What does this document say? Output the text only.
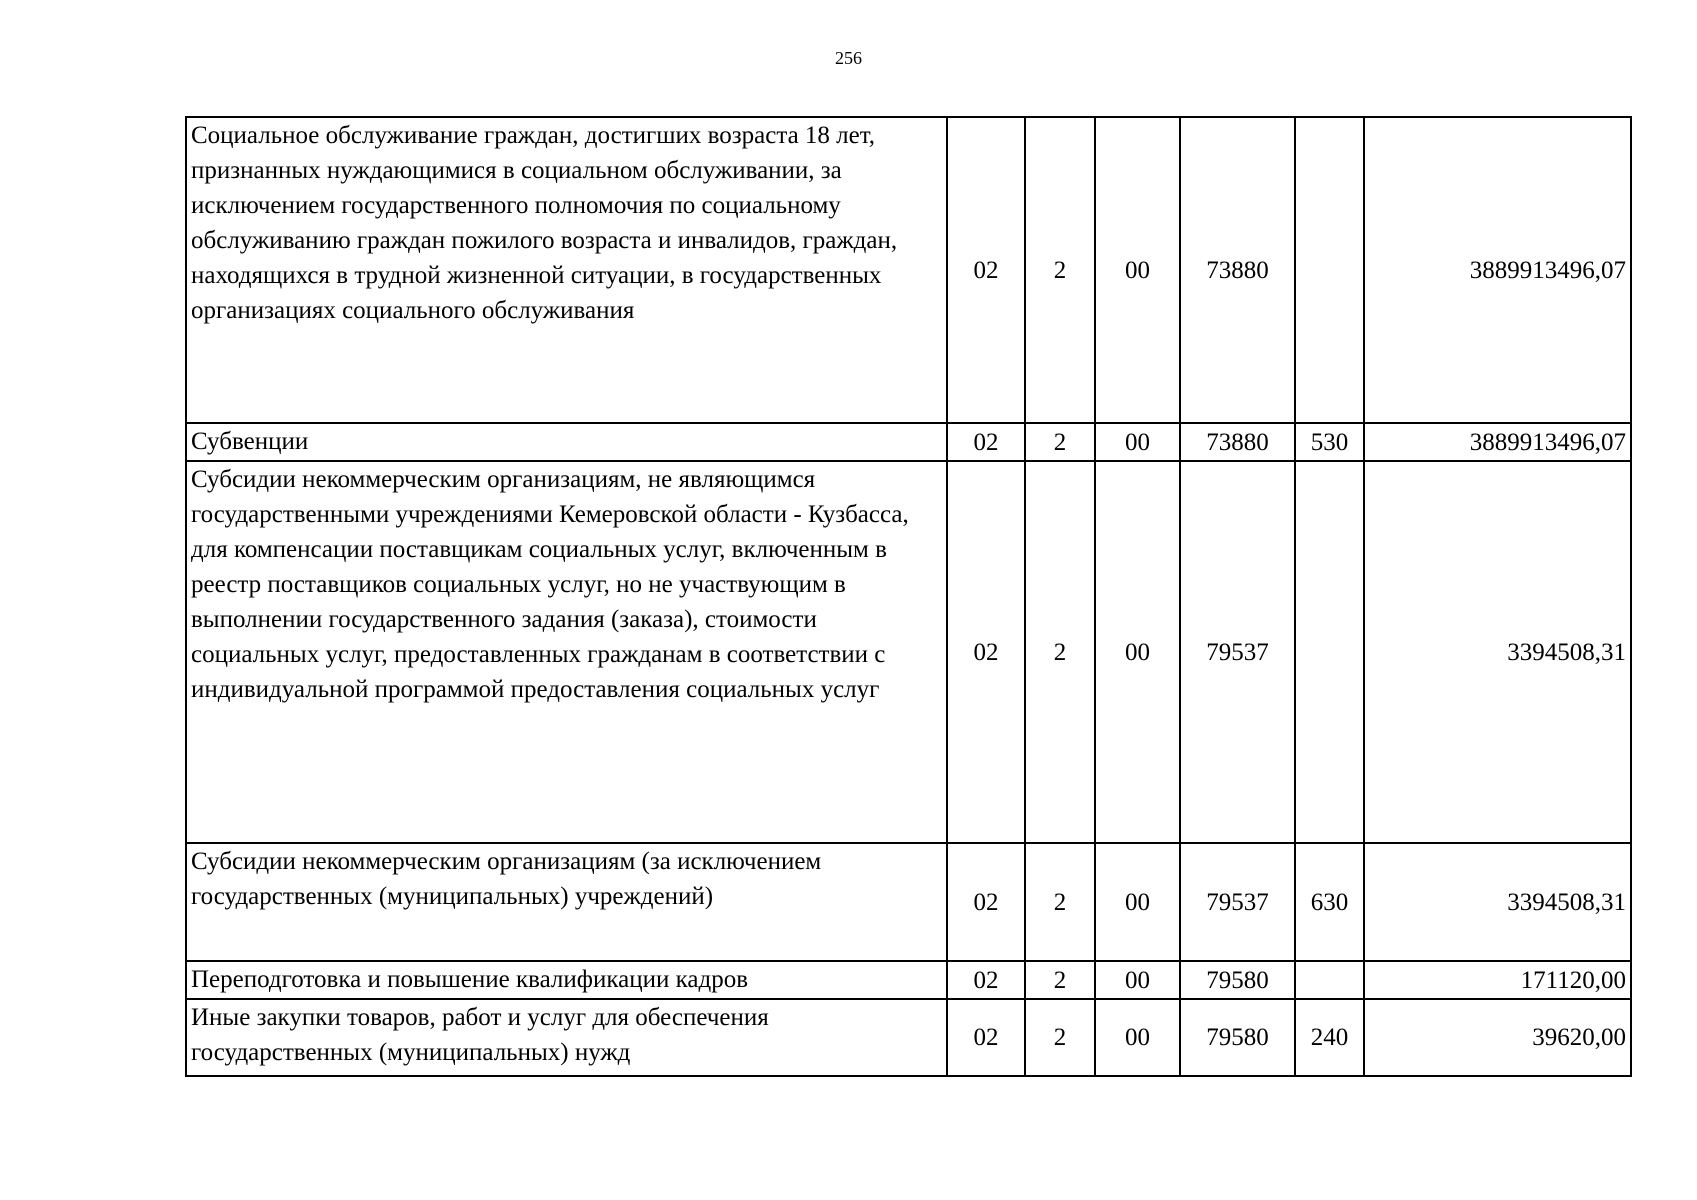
256
Социальное обслуживание граждан, достигших возраста 18 лет, признанных нуждающимися в социальном обслуживании, за исключением государственного полномочия по социальному обслуживанию граждан пожилого возраста и инвалидов, граждан, находящихся в трудной жизненной ситуации, в государственных организациях социального обслуживания	02	2	00	73880		3889913496,07
Субвенции	02	2	00	73880	530	3889913496,07
Субсидии некоммерческим организациям, не являющимся государственными учреждениями Кемеровской области - Кузбасса, для компенсации поставщикам социальных услуг, включенным в реестр поставщиков социальных услуг, но не участвующим в выполнении государственного задания (заказа), стоимости социальных услуг, предоставленных гражданам в соответствии с индивидуальной программой предоставления социальных услуг	02	2	00	79537		3394508,31
Субсидии некоммерческим организациям (за исключением государственных (муниципальных) учреждений)	02	2	00	79537	630	3394508,31
Переподготовка и повышение квалификации кадров	02	2	00	79580		171120,00
Иные закупки товаров, работ и услуг для обеспечения государственных (муниципальных) нужд	02	2	00	79580	240	39620,00
